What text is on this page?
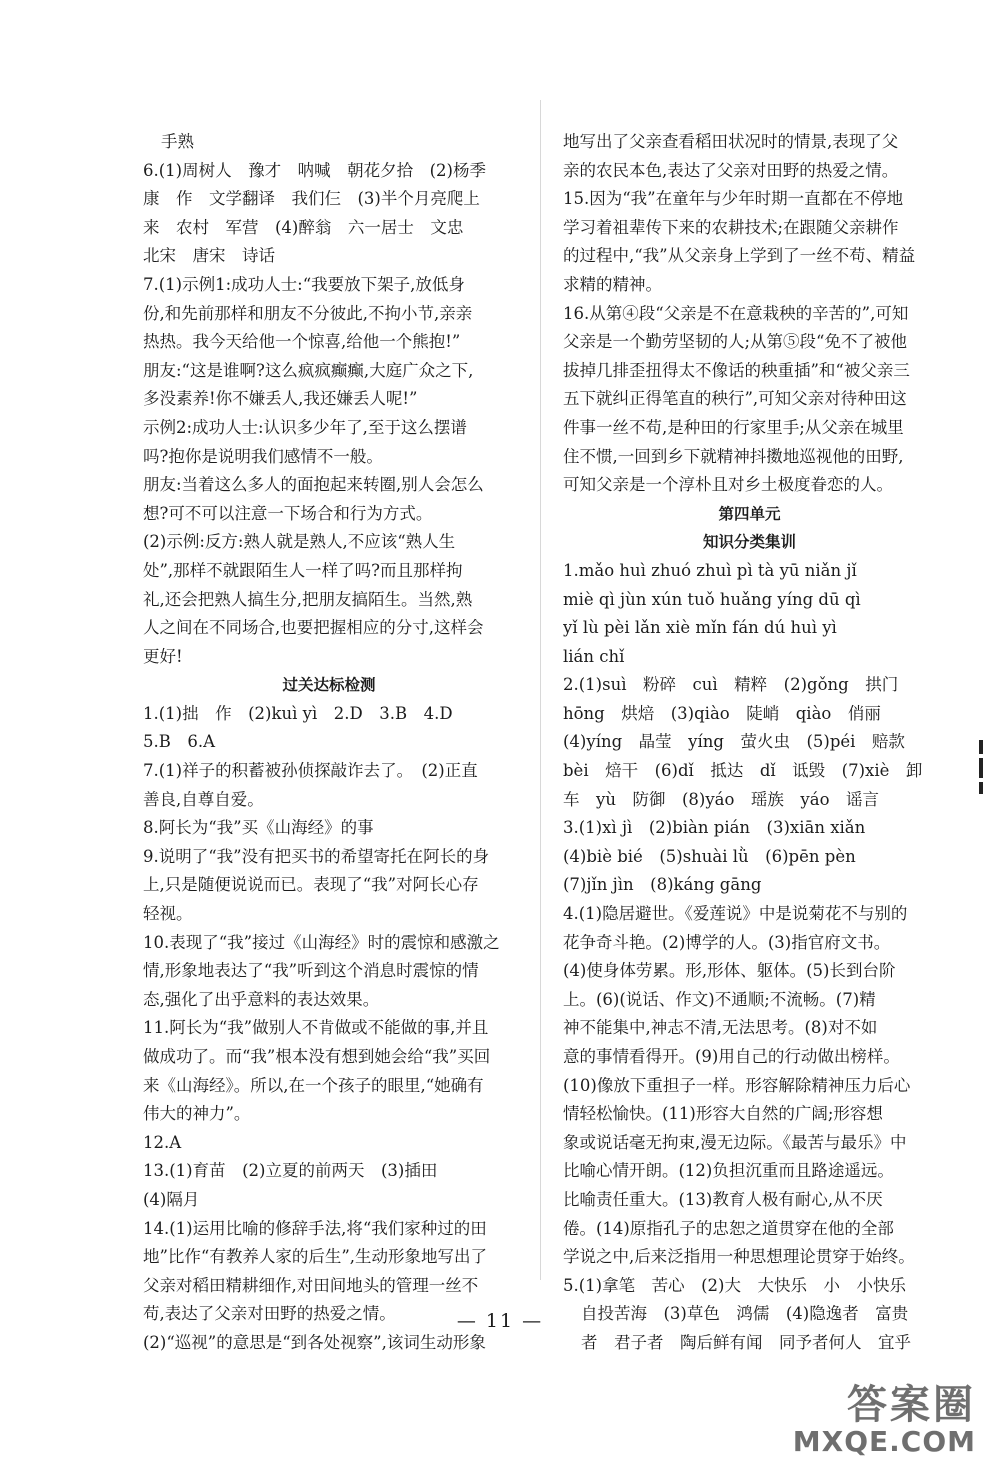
手熟
6.(1)周树人　豫才　呐喊　朝花夕拾　(2)杨季
康　作　文学翻译　我们仨　(3)半个月亮爬上
来　农村　军营　(4)醉翁　六一居士　文忠
北宋　唐宋　诗话
7.(1)示例1:成功人士:“我要放下架子,放低身
份,和先前那样和朋友不分彼此,不拘小节,亲亲
热热。我今天给他一个惊喜,给他一个熊抱!”
朋友:“这是谁啊?这么疯疯癫癫,大庭广众之下,
多没素养!你不嫌丢人,我还嫌丢人呢!”
示例2:成功人士:认识多少年了,至于这么摆谱
吗?抱你是说明我们感情不一般。
朋友:当着这么多人的面抱起来转圈,别人会怎么
想?可不可以注意一下场合和行为方式。
(2)示例:反方:熟人就是熟人,不应该“熟人生
处”,那样不就跟陌生人一样了吗?而且那样拘
礼,还会把熟人搞生分,把朋友搞陌生。当然,熟
人之间在不同场合,也要把握相应的分寸,这样会
更好!
过关达标检测
1.(1)拙　作　(2)kuì yì　2.D　3.B　4.D
5.B　6.A
7.(1)祥子的积蓄被孙侦探敲诈去了。　(2)正直
善良,自尊自爱。
8.阿长为“我”买《山海经》的事
9.说明了“我”没有把买书的希望寄托在阿长的身
上,只是随便说说而已。表现了“我”对阿长心存
轻视。
10.表现了“我”接过《山海经》时的震惊和感激之
情,形象地表达了“我”听到这个消息时震惊的情
态,强化了出乎意料的表达效果。
11.阿长为“我”做别人不肯做或不能做的事,并且
做成功了。而“我”根本没有想到她会给“我”买回
来《山海经》。所以,在一个孩子的眼里,“她确有
伟大的神力”。
12.A
13.(1)育苗　(2)立夏的前两天　(3)插田
(4)隔月
14.(1)运用比喻的修辞手法,将“我们家种过的田
地”比作“有教养人家的后生”,生动形象地写出了
父亲对稻田精耕细作,对田间地头的管理一丝不
苟,表达了父亲对田野的热爱之情。
(2)“巡视”的意思是“到各处视察”,该词生动形象
地写出了父亲查看稻田状况时的情景,表现了父
亲的农民本色,表达了父亲对田野的热爱之情。
15.因为“我”在童年与少年时期一直都在不停地
学习着祖辈传下来的农耕技术;在跟随父亲耕作
的过程中,“我”从父亲身上学到了一丝不苟、精益
求精的精神。
16.从第④段“父亲是不在意栽秧的辛苦的”,可知
父亲是一个勤劳坚韧的人;从第⑤段“免不了被他
拔掉几排歪扭得太不像话的秧重插”和“被父亲三
五下就纠正得笔直的秧行”,可知父亲对待种田这
件事一丝不苟,是种田的行家里手;从父亲在城里
住不惯,一回到乡下就精神抖擞地巡视他的田野,
可知父亲是一个淳朴且对乡土极度眷恋的人。
第四单元
知识分类集训
1.mǎo huì zhuó zhuì pì tà yū niǎn jǐ
miè qì jùn xún tuǒ huǎng yíng dū qì
yǐ lù pèi lǎn xiè mǐn fán dú huì yì
lián chǐ
2.(1)suì　粉碎　cuì　精粹　(2)gǒng　拱门
hōng　烘焙　(3)qiào　陡峭　qiào　俏丽
(4)yíng　晶莹　yíng　萤火虫　(5)péi　赔款
bèi　焙干　(6)dǐ　抵达　dǐ　诋毁　(7)xiè　卸
车　yù　防御　(8)yáo　瑶族　yáo　谣言
3.(1)xì jì　(2)biàn pián　(3)xiān xiǎn
(4)biè bié　(5)shuài lǜ　(6)pēn pèn
(7)jǐn jìn　(8)káng gāng
4.(1)隐居避世。《爱莲说》中是说菊花不与别的
花争奇斗艳。(2)博学的人。(3)指官府文书。
(4)使身体劳累。形,形体、躯体。(5)长到台阶
上。(6)(说话、作文)不通顺;不流畅。(7)精
神不能集中,神志不清,无法思考。(8)对不如
意的事情看得开。(9)用自己的行动做出榜样。
(10)像放下重担子一样。形容解除精神压力后心
情轻松愉快。(11)形容大自然的广阔;形容想
象或说话毫无拘束,漫无边际。《最苦与最乐》中
比喻心情开朗。(12)负担沉重而且路途遥远。
比喻责任重大。(13)教育人极有耐心,从不厌
倦。(14)原指孔子的忠恕之道贯穿在他的全部
学说之中,后来泛指用一种思想理论贯穿于始终。
5.(1)拿笔　苦心　(2)大　大快乐　小　小快乐
自投苦海　(3)草色　鸿儒　(4)隐逸者　富贵
者　君子者　陶后鲜有闻　同予者何人　宜乎
— 11 —
答案圈
MXQE.COM
